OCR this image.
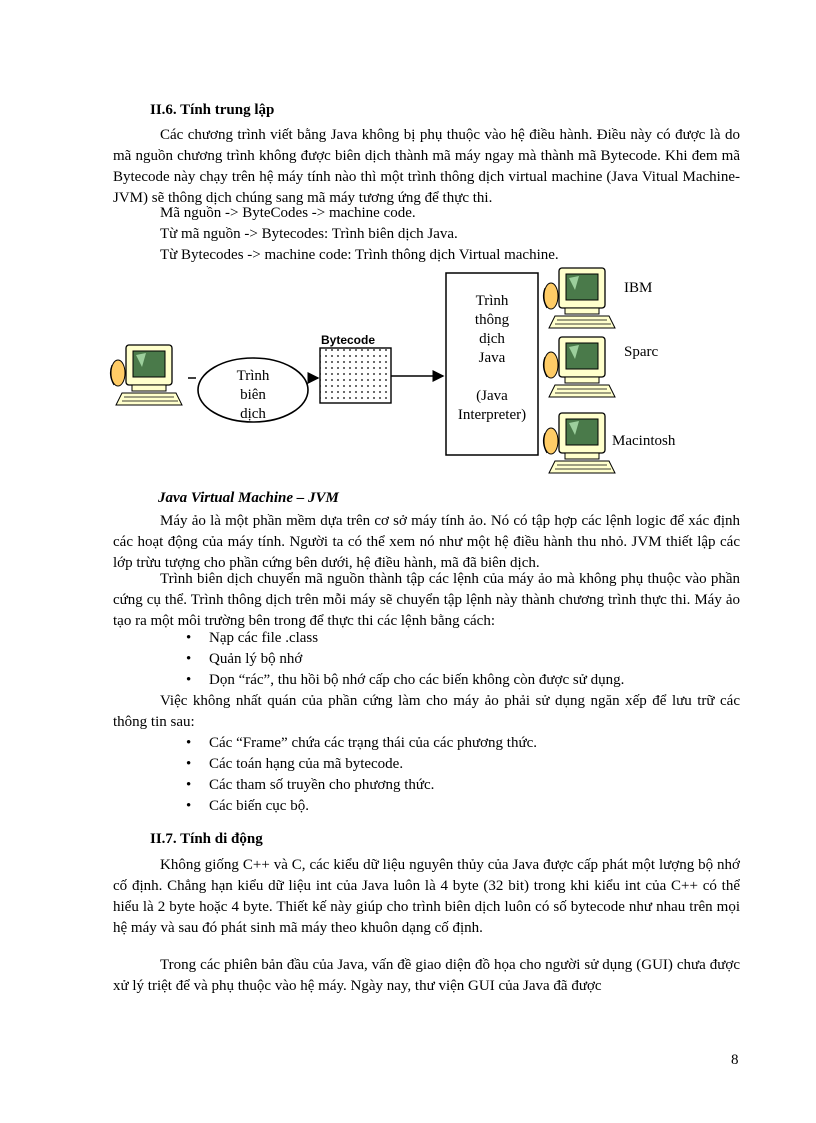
II.6. Tính trung lập

Các chương trình viết bằng Java không bị phụ thuộc vào hệ điều hành. Điều này có được là do mã nguồn chương trình không được biên dịch thành mã máy ngay mà thành mã Bytecode. Khi đem mã Bytecode này chạy trên hệ máy tính nào thì một trình thông dịch virtual machine (Java Vitual Machine-JVM) sẽ thông dịch chúng sang mã máy tương ứng để thực thi.

Mã nguồn -> ByteCodes -> machine code.
Từ mã nguồn -> Bytecodes: Trình biên dịch Java.
Từ Bytecodes -> machine code: Trình thông dịch Virtual machine.
Trình
biên
dịch
Bytecode
Trình
thông
dịch
Java
(Java
Interpreter)
IBM
Sparc
Macintosh
Java Virtual Machine – JVM

Máy ảo là một phần mềm dựa trên cơ sở máy tính ảo. Nó có tập hợp các lệnh logic để xác định các hoạt động của máy tính. Người ta có thể xem nó như một hệ điều hành thu nhỏ. JVM thiết lập các lớp trừu tượng cho phần cứng bên dưới, hệ điều hành, mã đã biên dịch.

Trình biên dịch chuyển mã nguồn thành tập các lệnh của máy ảo mà không phụ thuộc vào phần cứng cụ thể. Trình thông dịch trên mỗi máy sẽ chuyển tập lệnh này thành chương trình thực thi. Máy ảo tạo ra một môi trường bên trong để thực thi các lệnh bằng cách:

• Nạp các file .class
• Quản lý bộ nhớ
• Dọn “rác”, thu hồi bộ nhớ cấp cho các biến không còn được sử dụng.

Việc không nhất quán của phần cứng làm cho máy ảo phải sử dụng ngăn xếp để lưu trữ các thông tin sau:

• Các “Frame” chứa các trạng thái của các phương thức.
• Các toán hạng của mã bytecode.
• Các tham số truyền cho phương thức.
• Các biến cục bộ.
II.7. Tính di động

Không giống C++ và C, các kiểu dữ liệu nguyên thủy của Java được cấp phát một lượng bộ nhớ cố định. Chẳng hạn kiểu dữ liệu int của Java luôn là 4 byte (32 bit) trong khi kiểu int của C++ có thể hiểu là 2 byte hoặc 4 byte. Thiết kế này giúp cho trình biên dịch luôn có số bytecode như nhau trên mọi hệ máy và sau đó phát sinh mã máy theo khuôn dạng cố định.

Trong các phiên bản đầu của Java, vấn đề giao diện đồ họa cho người sử dụng (GUI) chưa được xử lý triệt để và phụ thuộc vào hệ máy. Ngày nay, thư viện GUI của Java đã được

8
